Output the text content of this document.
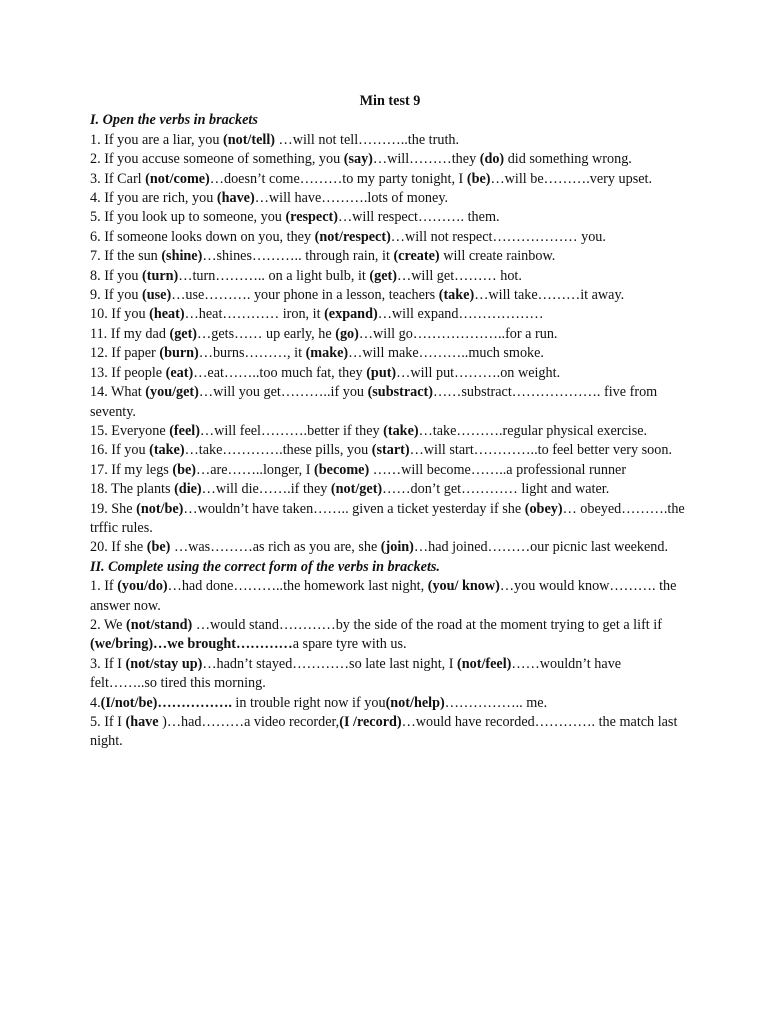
Min test 9
I. Open the verbs in brackets
1. If you are a liar, you (not/tell) …will not tell………..the truth.
2. If you accuse someone of something, you (say)…will………they (do) did something wrong.
3. If Carl (not/come)…doesn’t come………to my party tonight, I (be)…will be……….very upset.
4. If you are rich, you (have)…will have……….lots of money.
5. If you look up to someone, you (respect)…will respect………. them.
6. If someone looks down on you, they (not/respect)…will not respect……………… you.
7. If the sun (shine)…shines……….. through rain, it (create) will create rainbow.
8. If you (turn)…turn……….. on a light bulb, it (get)…will get……… hot.
9. If you (use)…use………. your phone in a lesson, teachers (take)…will take………it away.
10. If you (heat)…heat………… iron, it (expand)…will expand………………
11. If my dad (get)…gets…… up early, he (go)…will go………………..for a run.
12. If paper (burn)…burns………, it (make)…will make………..much smoke.
13. If people (eat)…eat……..too much fat, they (put)…will put……….on weight.
14. What (you/get)…will you get………..if you (substract)……substract………………. five from seventy.
15. Everyone (feel)…will feel……….better if they (take)…take……….regular physical exercise.
16. If you (take)…take………….these pills, you (start)…will start…………..to feel better very soon.
17. If my legs (be)…are……..longer, I (become) ……will become……..a professional runner
18. The plants (die)…will die…….if they (not/get)……don’t get………… light and water.
19. She (not/be)…wouldn’t have taken…….. given a ticket yesterday if she (obey)… obeyed……….the trffic rules.
20. If she (be) …was………as rich as you are, she (join)…had joined………our picnic last weekend.
II. Complete using the correct form of the verbs in brackets.
1. If (you/do)…had done………..the homework last night, (you/ know)…you would know………. the answer now.
2. We (not/stand) …would stand…………by the side of the road at the moment trying to get a lift if (we/bring)…we brought…………a spare tyre with us.
3. If I (not/stay up)…hadn’t stayed…………so late last night, I (not/feel)……wouldn’t have felt……..so tired this morning.
4.(I/not/be)……………. in trouble right now if you(not/help)…………….. me.
5. If I (have )…had………a video recorder,(I /record)…would have recorded…………. the match last night.
